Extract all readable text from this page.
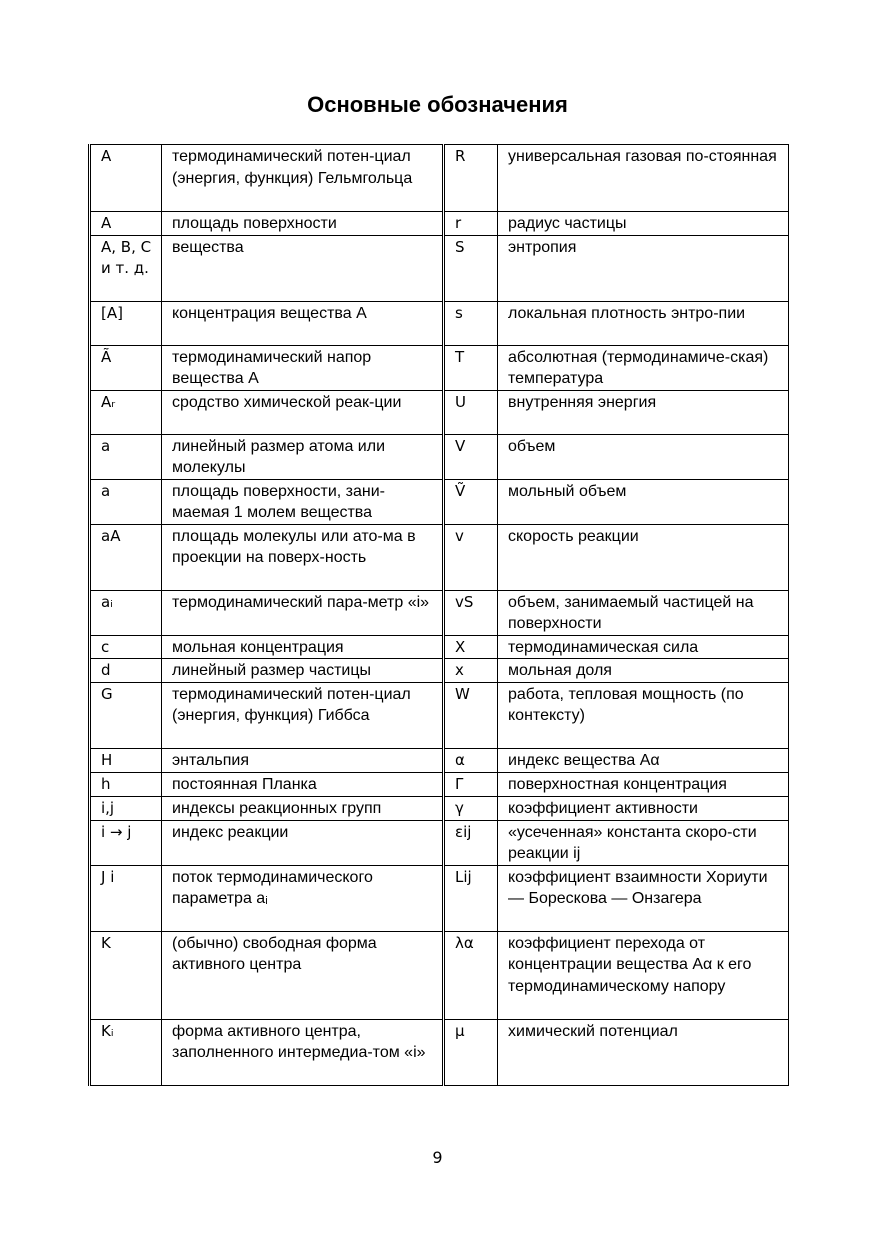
Основные обозначения
A	термодинамический потен-циал (энергия, функция) Гельмгольца	R	универсальная газовая по-стоянная
A	площадь поверхности	r	радиус частицы
A, B, C и т. д.	вещества	S	энтропия
[A]	концентрация вещества A	s	локальная плотность энтро-пии
Ã	термодинамический напор вещества A	T	абсолютная (термодинамиче-ская) температура
Aᵣ	сродство химической реак-ции	U	внутренняя энергия
a	линейный размер атома или молекулы	V	объем
a	площадь поверхности, зани-маемая 1 молем вещества	Ṽ	мольный объем
aA	площадь молекулы или ато-ма в проекции на поверх-ность	v	скорость реакции
aᵢ	термодинамический пара-метр «i»	vS	объем, занимаемый частицей на поверхности
c	мольная концентрация	X	термодинамическая сила
d	линейный размер частицы	x	мольная доля
G	термодинамический потен-циал (энергия, функция) Гиббса	W	работа, тепловая мощность (по контексту)
H	энтальпия	α	индекс вещества Aα
h	постоянная Планка	Γ	поверхностная концентрация
i,j	индексы реакционных групп	γ	коэффициент активности
i → j	индекс реакции	εij	«усеченная» константа скоро-сти реакции ij
J i	поток термодинамического параметра aᵢ	Lij	коэффициент взаимности Хориути — Борескова — Онзагера
K	(обычно) свободная форма активного центра	λα	коэффициент перехода от концентрации вещества Aα к его термодинамическому напору
Kᵢ	форма активного центра, заполненного интермедиа-том «i»	μ	химический потенциал
9
